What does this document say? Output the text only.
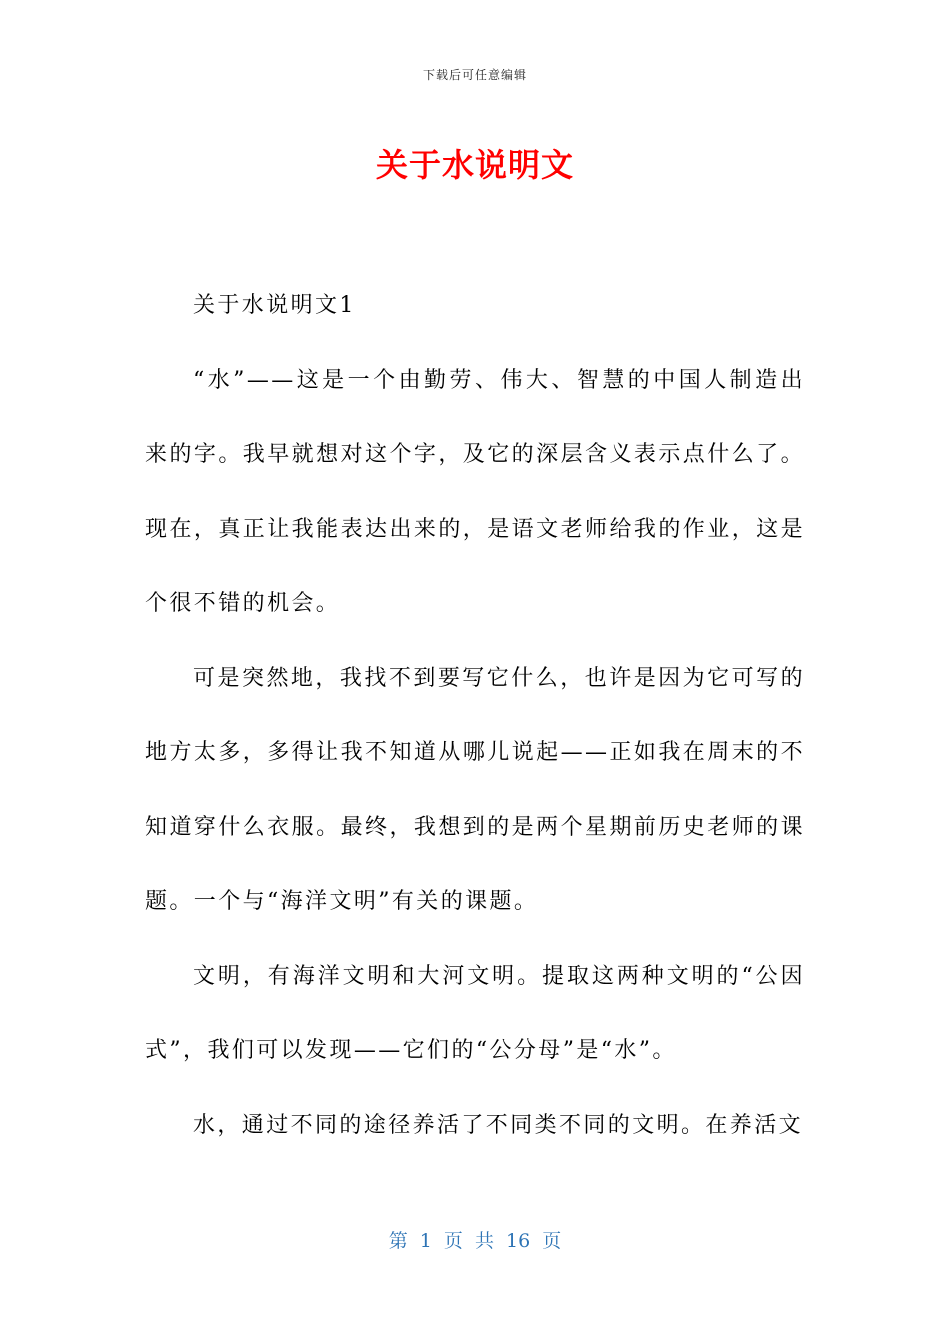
下载后可任意编辑
关于水说明文

关于水说明文1

“水”——这是一个由勤劳、伟大、智慧的中国人制造出来的字。我早就想对这个字，及它的深层含义表示点什么了。现在，真正让我能表达出来的，是语文老师给我的作业，这是个很不错的机会。

可是突然地，我找不到要写它什么，也许是因为它可写的地方太多，多得让我不知道从哪儿说起——正如我在周末的不知道穿什么衣服。最终，我想到的是两个星期前历史老师的课题。一个与“海洋文明”有关的课题。

文明，有海洋文明和大河文明。提取这两种文明的“公因式”，我们可以发现——它们的“公分母”是“水”。

水，通过不同的途径养活了不同类不同的文明。在养活文

第 1 页 共 16 页
